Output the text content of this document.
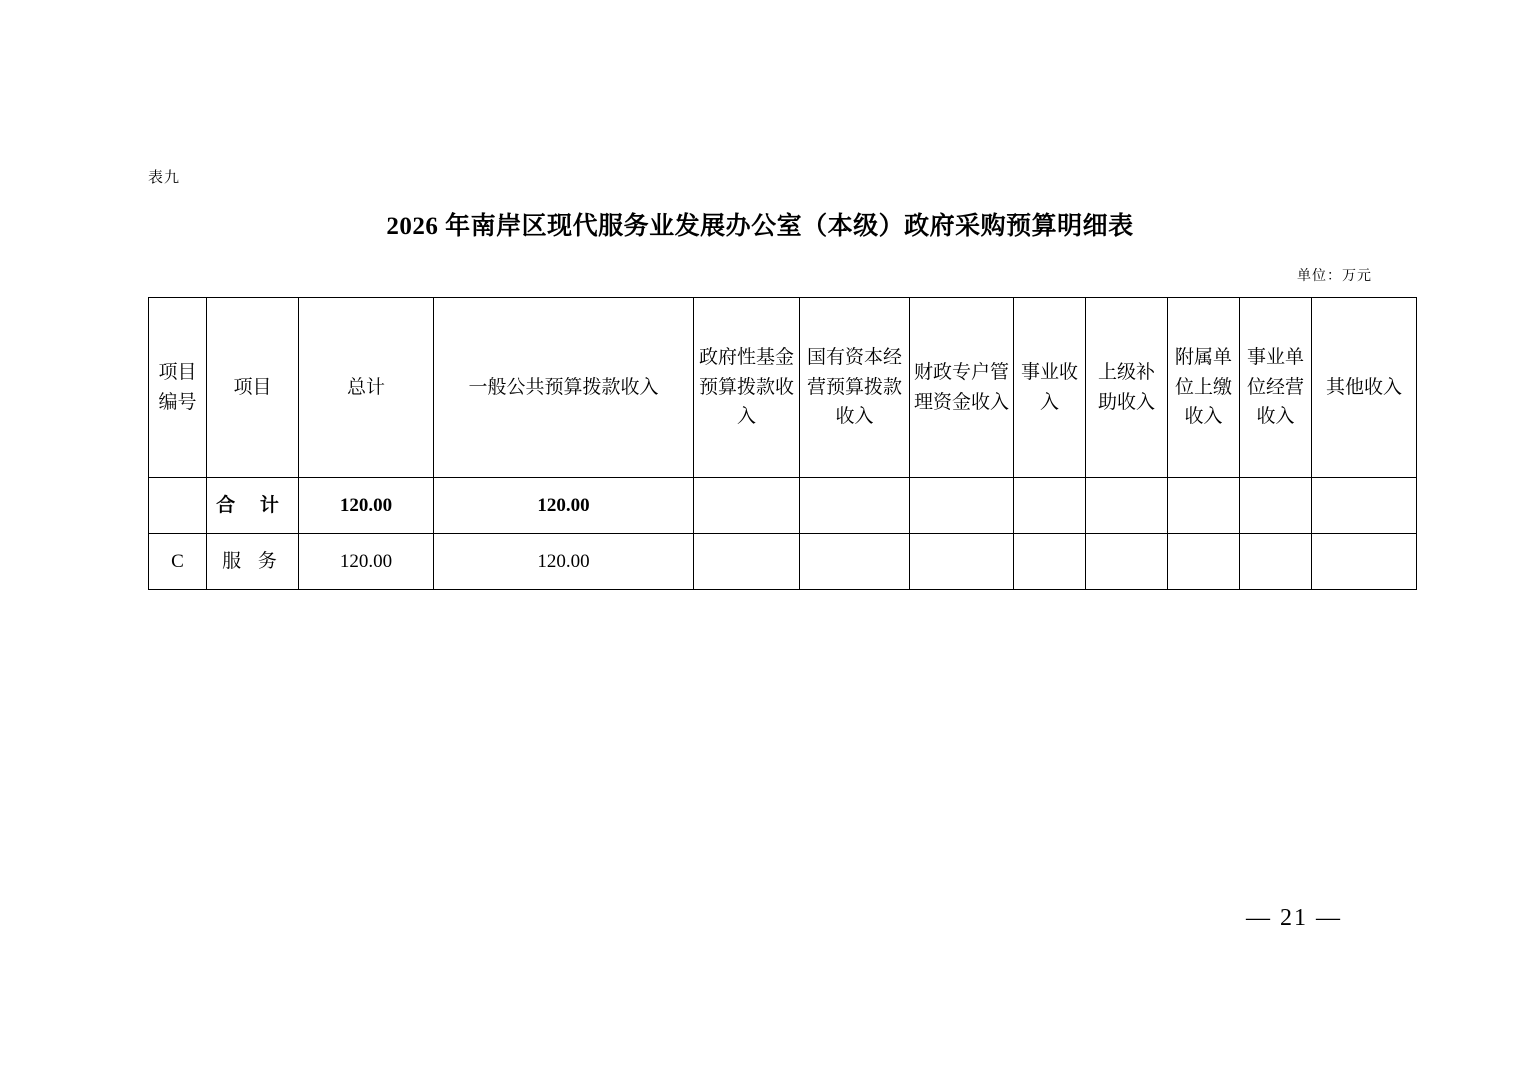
表九
2026 年南岸区现代服务业发展办公室（本级）政府采购预算明细表
单位：万元
项目编号	项目	总计	一般公共预算拨款收入	政府性基金预算拨款收入	国有资本经营预算拨款收入	财政专户管理资金收入	事业收入	上级补助收入	附属单位上缴收入	事业单位经营收入	其他收入
	合 计	120.00	120.00								
C	服 务	120.00	120.00								
— 21 —
